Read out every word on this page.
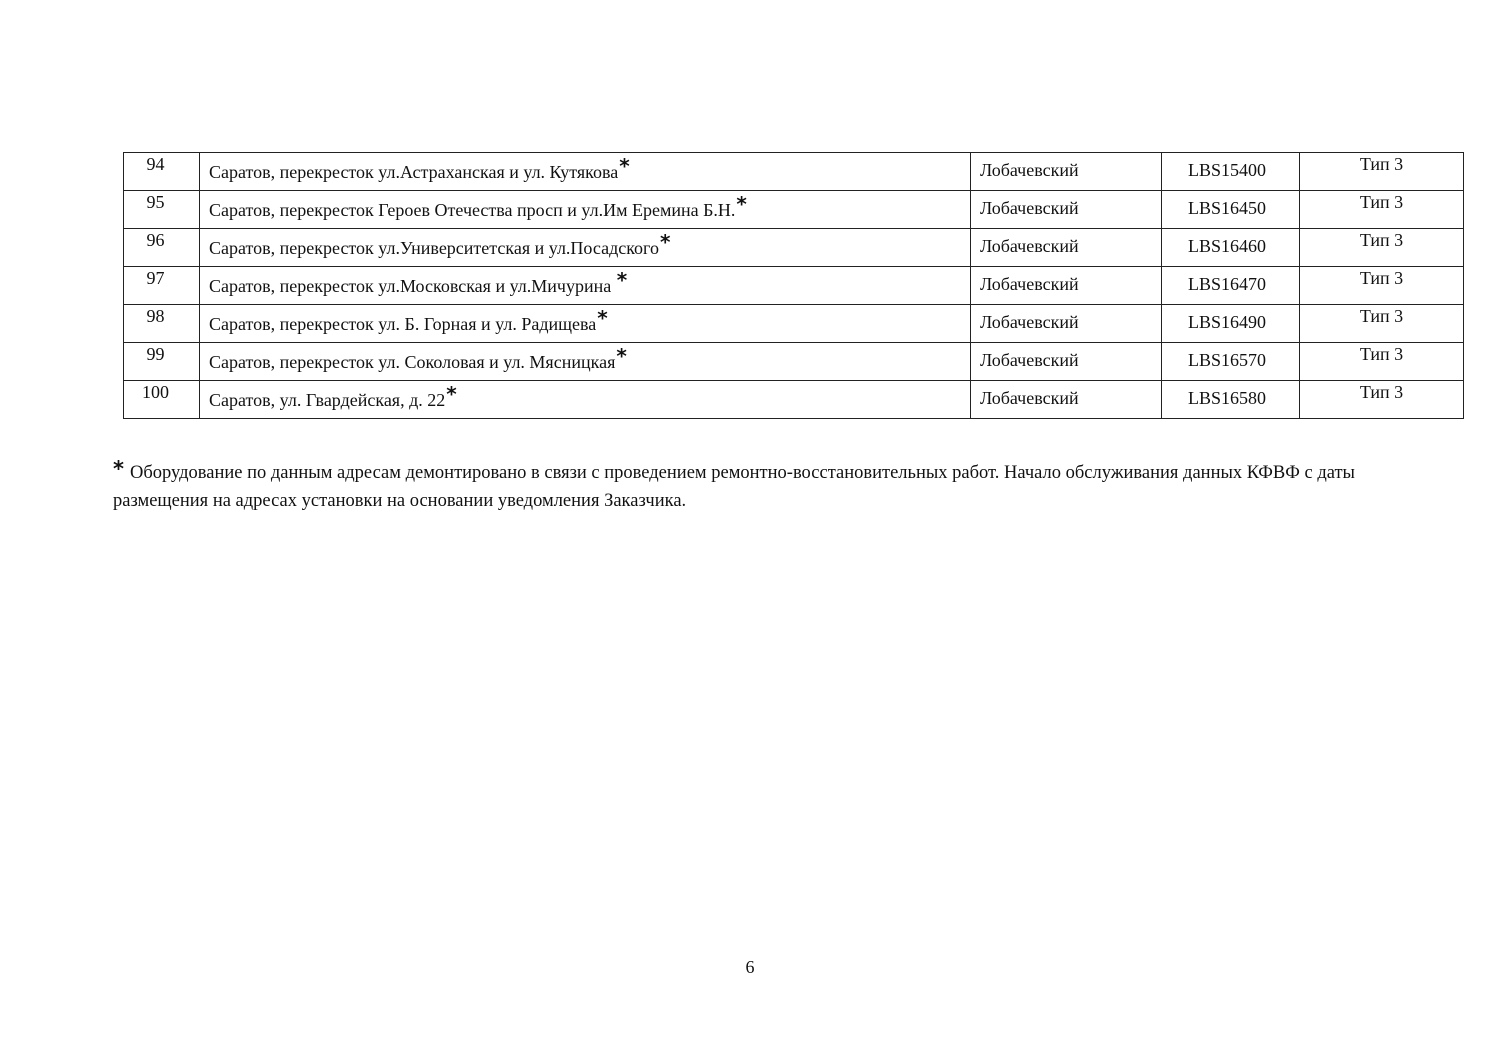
94	Саратов, перекресток ул.Астраханская и ул. Кутякова*	Лобачевский	LBS15400	Тип 3
95	Саратов, перекресток Героев Отечества просп и ул.Им Еремина Б.Н.*	Лобачевский	LBS16450	Тип 3
96	Саратов, перекресток ул.Университетская и ул.Посадского*	Лобачевский	LBS16460	Тип 3
97	Саратов, перекресток ул.Московская и ул.Мичурина *	Лобачевский	LBS16470	Тип 3
98	Саратов, перекресток ул. Б. Горная и ул. Радищева*	Лобачевский	LBS16490	Тип 3
99	Саратов, перекресток ул. Соколовая и ул. Мясницкая*	Лобачевский	LBS16570	Тип 3
100	Саратов, ул. Гвардейская, д. 22*	Лобачевский	LBS16580	Тип 3
* Оборудование по данным адресам демонтировано в связи с проведением ремонтно-восстановительных работ. Начало обслуживания данных КФВФ с даты размещения на адресах установки на основании уведомления Заказчика.
6
